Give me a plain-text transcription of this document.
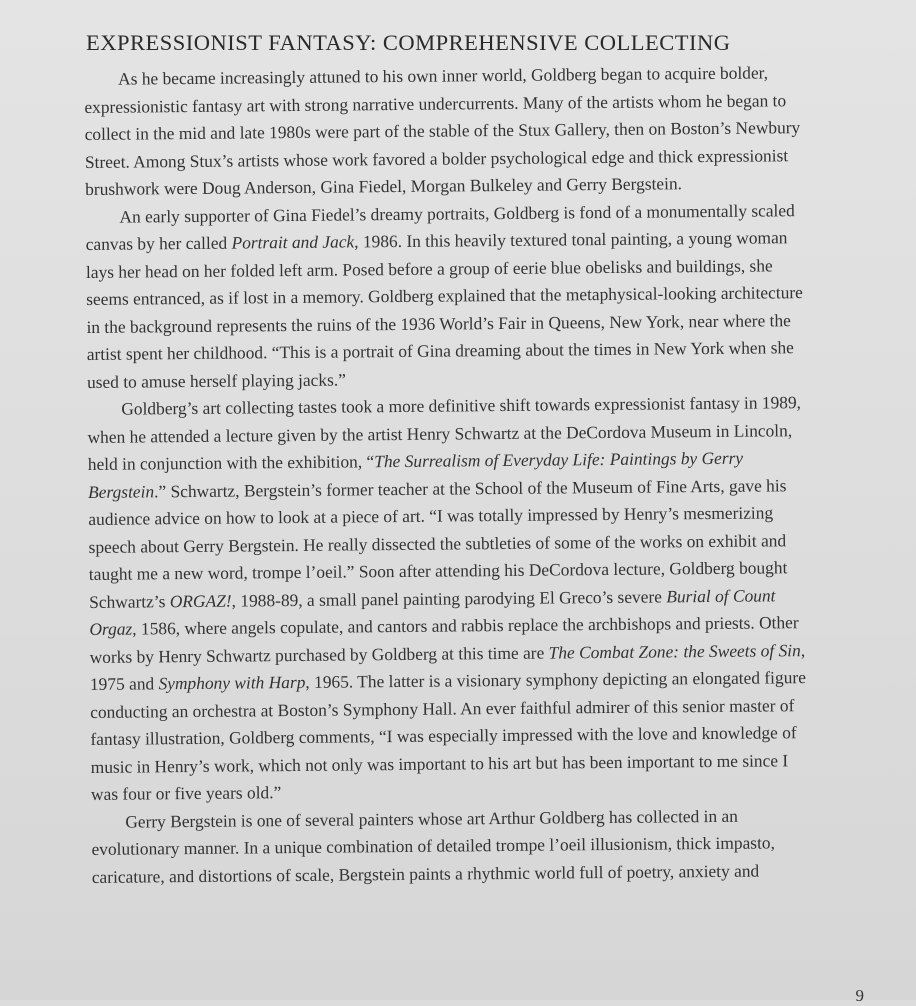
EXPRESSIONIST FANTASY: COMPREHENSIVE COLLECTING

As he became increasingly attuned to his own inner world, Goldberg began to acquire bolder, expressionistic fantasy art with strong narrative undercurrents. Many of the artists whom he began to collect in the mid and late 1980s were part of the stable of the Stux Gallery, then on Boston’s Newbury Street. Among Stux’s artists whose work favored a bolder psychological edge and thick expressionist brushwork were Doug Anderson, Gina Fiedel, Morgan Bulkeley and Gerry Bergstein.

An early supporter of Gina Fiedel’s dreamy portraits, Goldberg is fond of a monumentally scaled canvas by her called Portrait and Jack, 1986. In this heavily textured tonal painting, a young woman lays her head on her folded left arm. Posed before a group of eerie blue obelisks and buildings, she seems entranced, as if lost in a memory. Goldberg explained that the metaphysical-looking architecture in the background represents the ruins of the 1936 World’s Fair in Queens, New York, near where the artist spent her childhood. “This is a portrait of Gina dreaming about the times in New York when she used to amuse herself playing jacks.”

Goldberg’s art collecting tastes took a more definitive shift towards expressionist fantasy in 1989, when he attended a lecture given by the artist Henry Schwartz at the DeCordova Museum in Lincoln, held in conjunction with the exhibition, “The Surrealism of Everyday Life: Paintings by Gerry Bergstein.” Schwartz, Bergstein’s former teacher at the School of the Museum of Fine Arts, gave his audience advice on how to look at a piece of art. “I was totally impressed by Henry’s mesmerizing speech about Gerry Bergstein. He really dissected the subtleties of some of the works on exhibit and taught me a new word, trompe l’oeil.” Soon after attending his DeCordova lecture, Goldberg bought Schwartz’s ORGAZ!, 1988-89, a small panel painting parodying El Greco’s severe Burial of Count Orgaz, 1586, where angels copulate, and cantors and rabbis replace the archbishops and priests. Other works by Henry Schwartz purchased by Goldberg at this time are The Combat Zone: the Sweets of Sin, 1975 and Symphony with Harp, 1965. The latter is a visionary symphony depicting an elongated figure conducting an orchestra at Boston’s Symphony Hall. An ever faithful admirer of this senior master of fantasy illustration, Goldberg comments, “I was especially impressed with the love and knowledge of music in Henry’s work, which not only was important to his art but has been important to me since I was four or five years old.”

Gerry Bergstein is one of several painters whose art Arthur Goldberg has collected in an evolutionary manner. In a unique combination of detailed trompe l’oeil illusionism, thick impasto, caricature, and distortions of scale, Bergstein paints a rhythmic world full of poetry, anxiety and

9
